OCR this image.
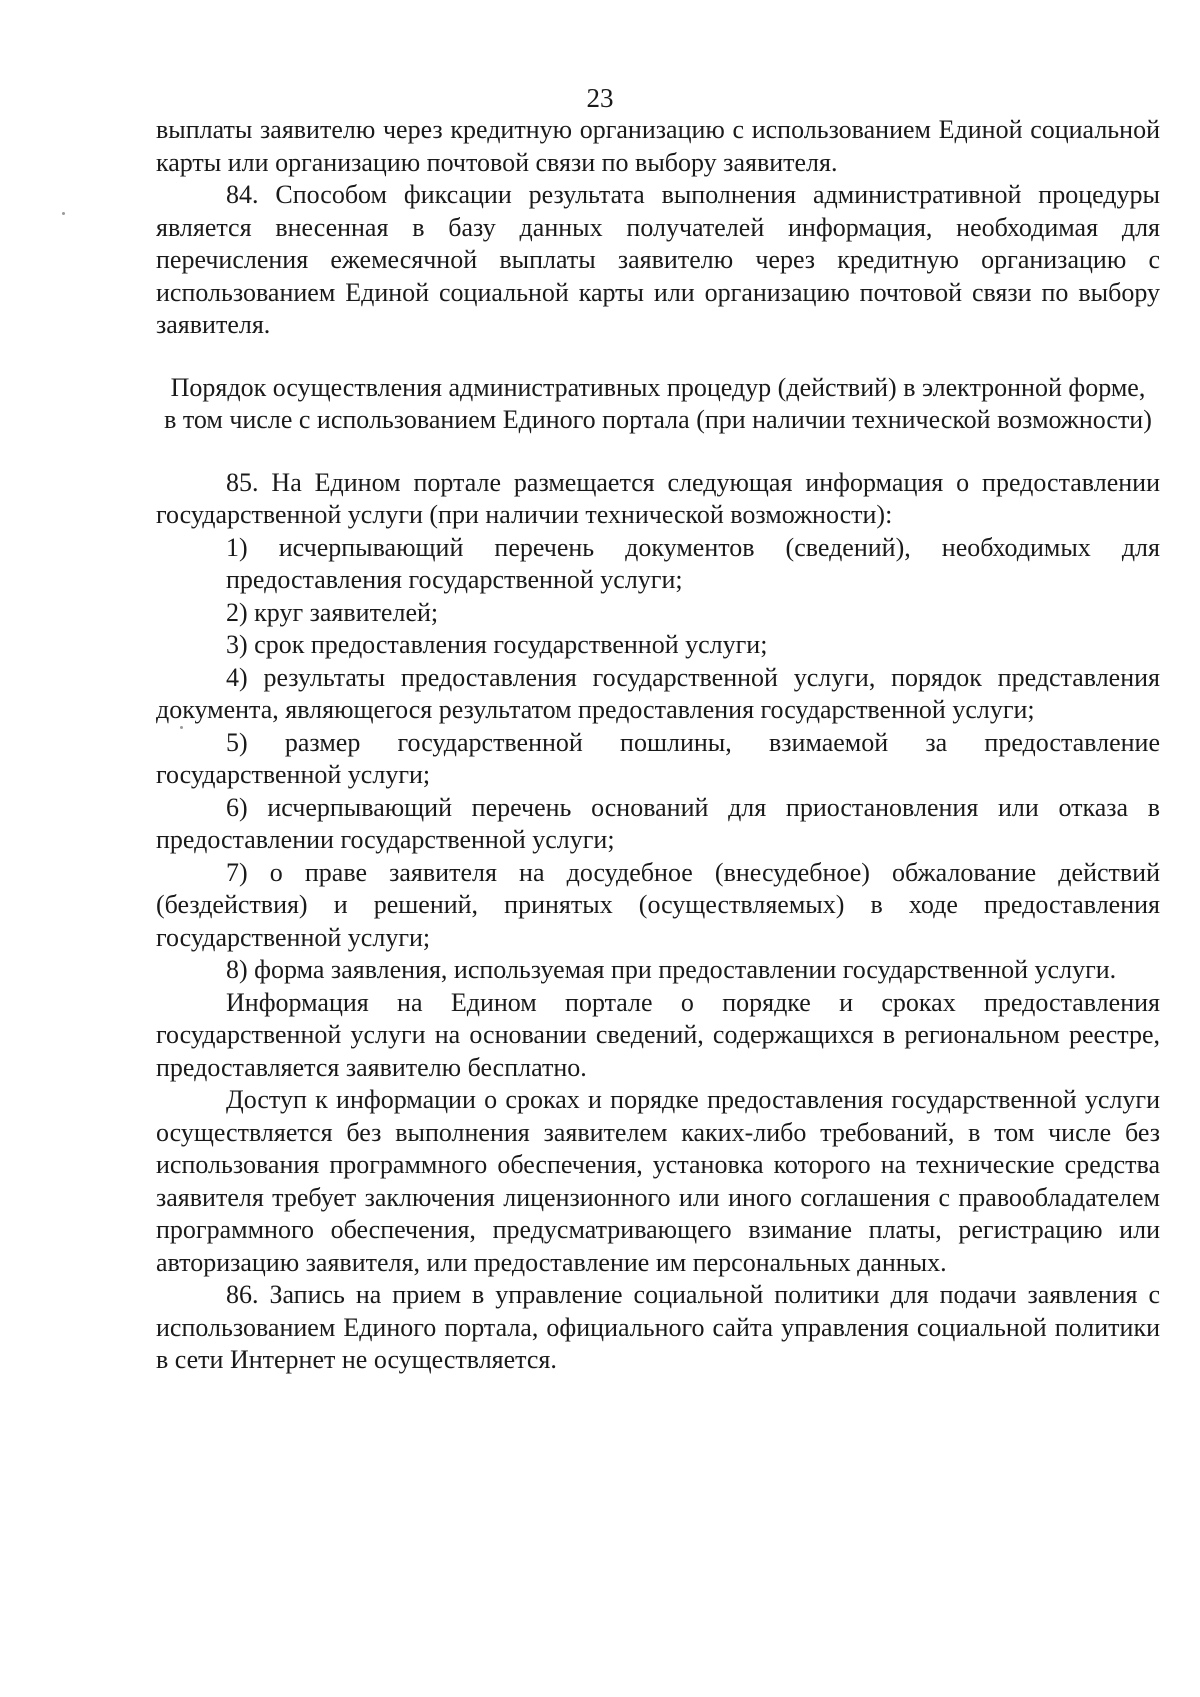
23

выплаты заявителю через кредитную организацию с использованием Единой социальной карты или организацию почтовой связи по выбору заявителя.

84. Способом фиксации результата выполнения административной процедуры является внесенная в базу данных получателей информация, необходимая для перечисления ежемесячной выплаты заявителю через кредитную организацию с использованием Единой социальной карты или организацию почтовой связи по выбору заявителя.

Порядок осуществления административных процедур (действий) в электронной форме, в том числе с использованием Единого портала (при наличии технической возможности)

85. На Едином портале размещается следующая информация о предоставлении государственной услуги (при наличии технической возможности):

1) исчерпывающий перечень документов (сведений), необходимых для предоставления государственной услуги;

2) круг заявителей;

3) срок предоставления государственной услуги;

4) результаты предоставления государственной услуги, порядок представления документа, являющегося результатом предоставления государственной услуги;

5) размер государственной пошлины, взимаемой за предоставление государственной услуги;

6) исчерпывающий перечень оснований для приостановления или отказа в предоставлении государственной услуги;

7) о праве заявителя на досудебное (внесудебное) обжалование действий (бездействия) и решений, принятых (осуществляемых) в ходе предоставления государственной услуги;

8) форма заявления, используемая при предоставлении государственной услуги.

Информация на Едином портале о порядке и сроках предоставления государственной услуги на основании сведений, содержащихся в региональном реестре, предоставляется заявителю бесплатно.

Доступ к информации о сроках и порядке предоставления государственной услуги осуществляется без выполнения заявителем каких-либо требований, в том числе без использования программного обеспечения, установка которого на технические средства заявителя требует заключения лицензионного или иного соглашения с правообладателем программного обеспечения, предусматривающего взимание платы, регистрацию или авторизацию заявителя, или предоставление им персональных данных.

86. Запись на прием в управление социальной политики для подачи заявления с использованием Единого портала, официального сайта управления социальной политики в сети Интернет не осуществляется.
